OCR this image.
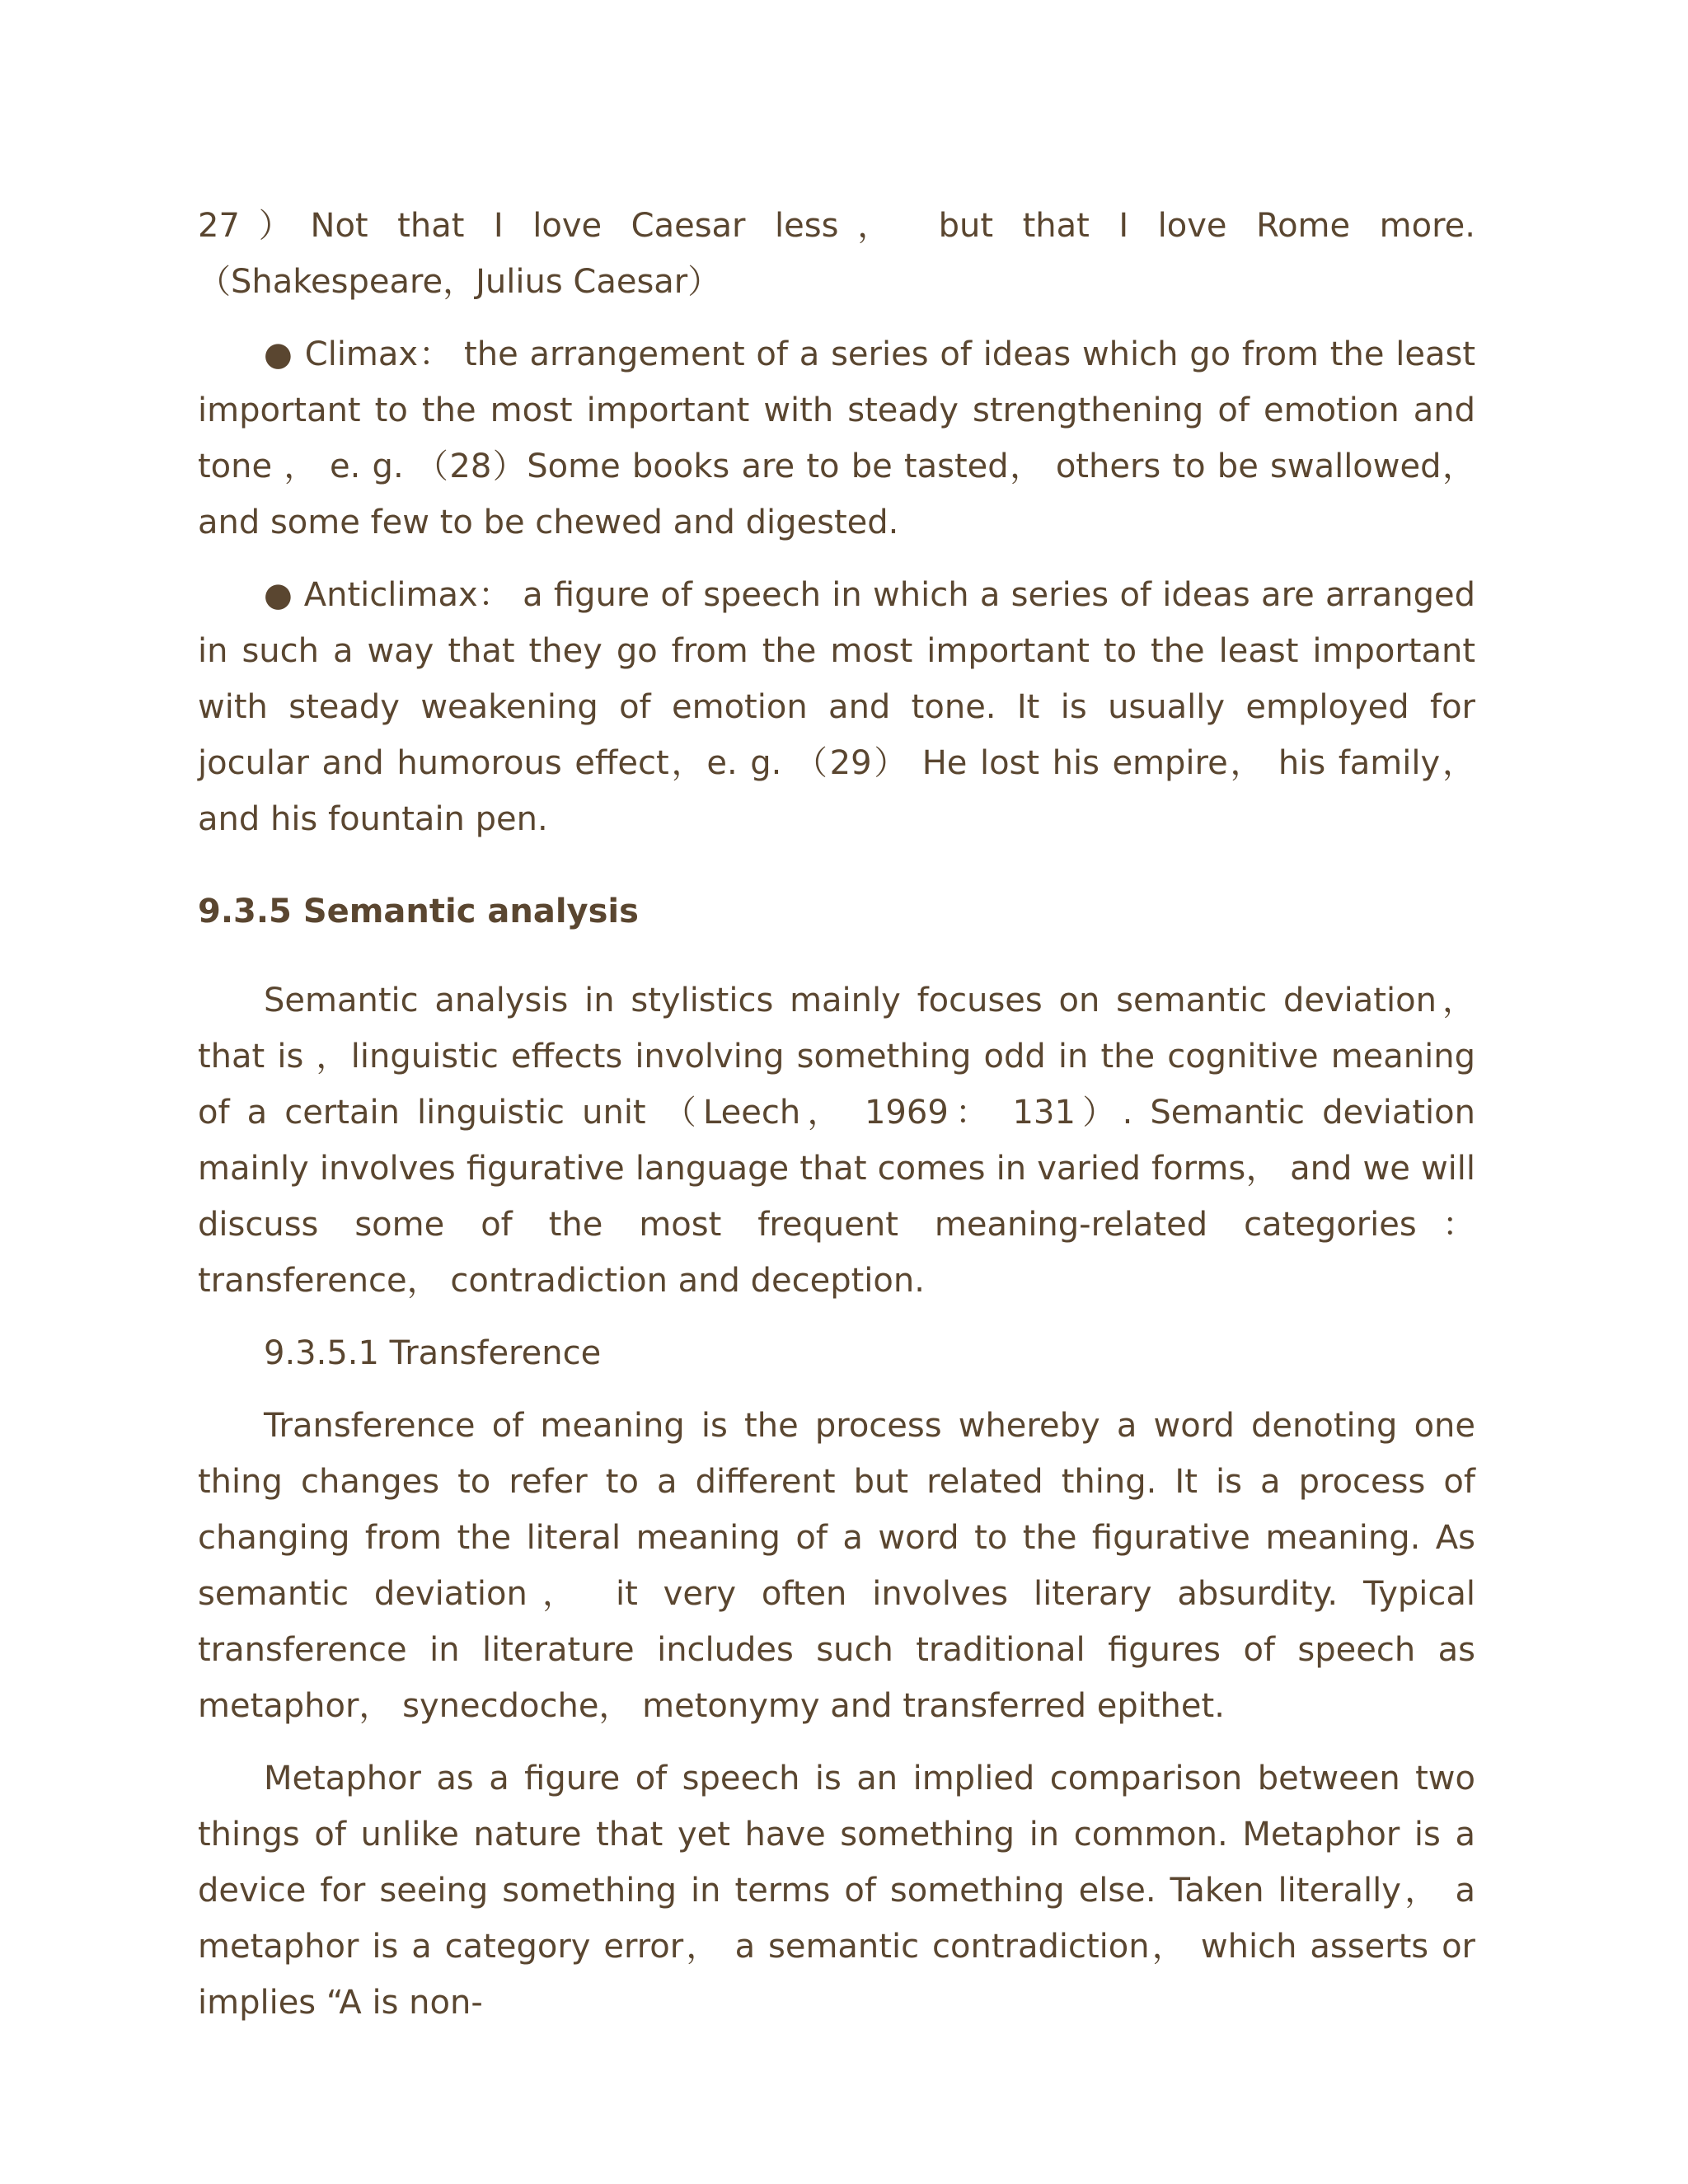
27）Not that I love Caesar less， but that I love Rome more. （Shakespeare，Julius Caesar）

● Climax： the arrangement of a series of ideas which go from the least important to the most important with steady strengthening of emotion and tone ， e. g. （28）Some books are to be tasted， others to be swallowed， and some few to be chewed and digested.

● Anticlimax： a figure of speech in which a series of ideas are arranged in such a way that they go from the most important to the least important with steady weakening of emotion and tone. It is usually employed for jocular and humorous effect，e. g. （29） He lost his empire， his family， and his fountain pen.

9.3.5 Semantic analysis

Semantic analysis in stylistics mainly focuses on semantic deviation， that is ，linguistic effects involving something odd in the cognitive meaning of a certain linguistic unit （Leech， 1969： 131）. Semantic deviation mainly involves figurative language that comes in varied forms， and we will discuss some of the most frequent meaning-related categories： transference， contradiction and deception.

9.3.5.1 Transference

Transference of meaning is the process whereby a word denoting one thing changes to refer to a different but related thing. It is a process of changing from the literal meaning of a word to the figurative meaning. As semantic deviation， it very often involves literary absurdity. Typical transference in literature includes such traditional figures of speech as metaphor， synecdoche， metonymy and transferred epithet.

Metaphor as a figure of speech is an implied comparison between two things of unlike nature that yet have something in common. Metaphor is a device for seeing something in terms of something else. Taken literally， a metaphor is a category error， a semantic contradiction， which asserts or implies “A is non-
